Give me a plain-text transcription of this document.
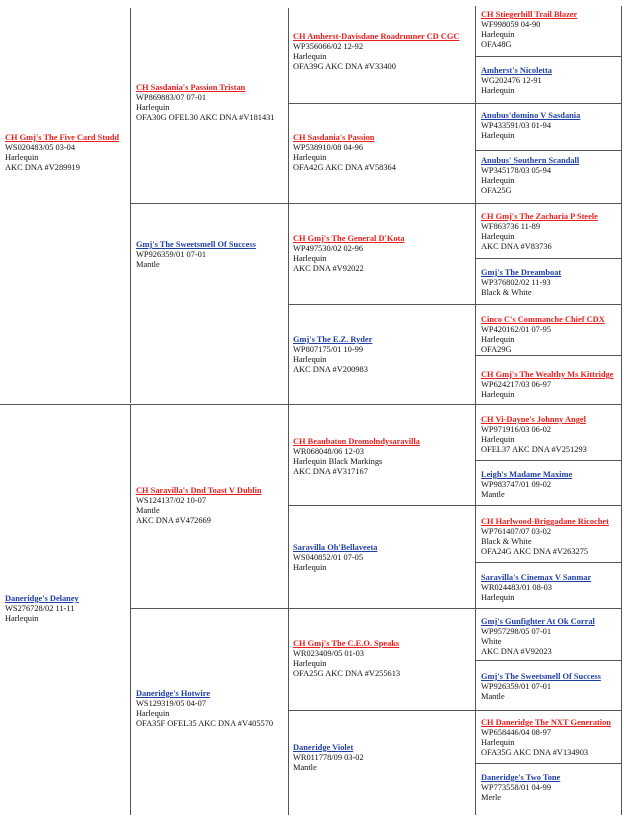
CH Gmj's The Five Card Studd
WS020483/05 03-04
Harlequin
AKC DNA #V289919
Daneridge's Delaney
WS276728/02 11-11
Harlequin
CH Sasdania's Passion Tristan
WP869883/07 07-01
Harlequin
OFA30G OFEL30 AKC DNA #V181431
Gmj's The Sweetsmell Of Success
WP926359/01 07-01
Mantle
CH Saravilla's Dnd Toast V Dublin
WS124137/02 10-07
Mantle
AKC DNA #V472669
Daneridge's Hotwire
WS129319/05 04-07
Harlequin
OFA35F OFEL35 AKC DNA #V405570
CH Amherst-Davisdane Roadrunner CD CGC
WP356066/02 12-92
Harlequin
OFA39G AKC DNA #V33400
CH Sasdania's Passion
WP538910/08 04-96
Harlequin
OFA42G AKC DNA #V58364
CH Gmj's The General D'Kota
WP497530/02 02-96
Harlequin
AKC DNA #V92022
Gmj's The E.Z. Ryder
WP807175/01 10-99
Harlequin
AKC DNA #V200983
CH Beaubaton Dromolndysaravilla
WR068048/06 12-03
Harlequin Black Markings
AKC DNA #V317167
Saravilla Oh'Bellaveeta
WS040852/01 07-05
Harlequin
CH Gmj's The C.E.O. Speaks
WR023409/05 01-03
Harlequin
OFA25G AKC DNA #V255613
Daneridge Violet
WR011778/09 03-02
Mantle
CH Stiegerhill Trail Blazer
WF998059 04-90
Harlequin
OFA48G
Amherst's Nicoletta
WG202476 12-91
Harlequin
Anubus'domino V Sasdania
WP433591/03 01-94
Harlequin
Anubus' Southern Scandall
WP345178/03 05-94
Harlequin
OFA25G
CH Gmj's The Zacharia P Steele
WF863736 11-89
Harlequin
AKC DNA #V83736
Gmj's The Dreamboat
WP376802/02 11-93
Black & White
Cinco C's Commanche Chief CDX
WP420162/01 07-95
Harlequin
OFA29G
CH Gmj's The Wealthy Ms Kittridge
WP624217/03 06-97
Harlequin
CH Vi-Dayne's Johnny Angel
WP971916/03 06-02
Harlequin
OFEL37 AKC DNA #V251293
Leigh's Madame Maxime
WP983747/01 09-02
Mantle
CH Harlwood-Briggadane Ricochet
WP761407/07 03-02
Black & White
OFA24G AKC DNA #V263275
Saravilla's Cinemax V Sanmar
WR024483/01 08-03
Harlequin
Gmj's Gunfighter At Ok Corral
WP957298/05 07-01
White
AKC DNA #V92023
Gmj's The Sweetsmell Of Success
WP926359/01 07-01
Mantle
CH Daneridge The NXT Generation
WP658446/04 08-97
Harlequin
OFA35G AKC DNA #V134903
Daneridge's Two Tone
WP773558/01 04-99
Merle
